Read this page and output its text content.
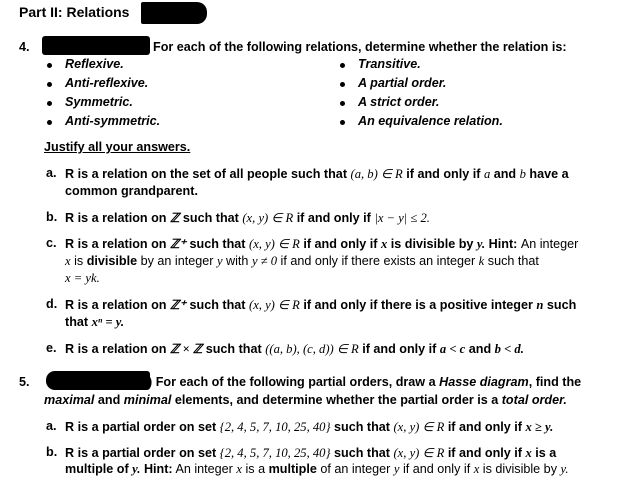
Part II: Relations
4.	For each of the following relations, determine whether the relation is:
Reflexive.
Anti-reflexive.
Symmetric.
Anti-symmetric.
Transitive.
A partial order.
A strict order.
An equivalence relation.
Justify all your answers.
a. R is a relation on the set of all people such that (a, b) ∈ R if and only if a and b have a
common grandparent.
b. R is a relation on ℤ such that (x, y) ∈ R if and only if |x − y| ≤ 2.
c. R is a relation on ℤ⁺ such that (x, y) ∈ R if and only if x is divisible by y. Hint: An integer
x is divisible by an integer y with y ≠ 0 if and only if there exists an integer k such that
x = yk.
d. R is a relation on ℤ⁺ such that (x, y) ∈ R if and only if there is a positive integer n such
that xⁿ = y.
e. R is a relation on ℤ × ℤ such that ((a, b), (c, d)) ∈ R if and only if a < c and b < d.
5.	) For each of the following partial orders, draw a Hasse diagram, find the
maximal and minimal elements, and determine whether the partial order is a total order.
a. R is a partial order on set {2, 4, 5, 7, 10, 25, 40} such that (x, y) ∈ R if and only if x ≥ y.
b. R is a partial order on set {2, 4, 5, 7, 10, 25, 40} such that (x, y) ∈ R if and only if x is a
multiple of y. Hint: An integer x is a multiple of an integer y if and only if x is divisible by y.
